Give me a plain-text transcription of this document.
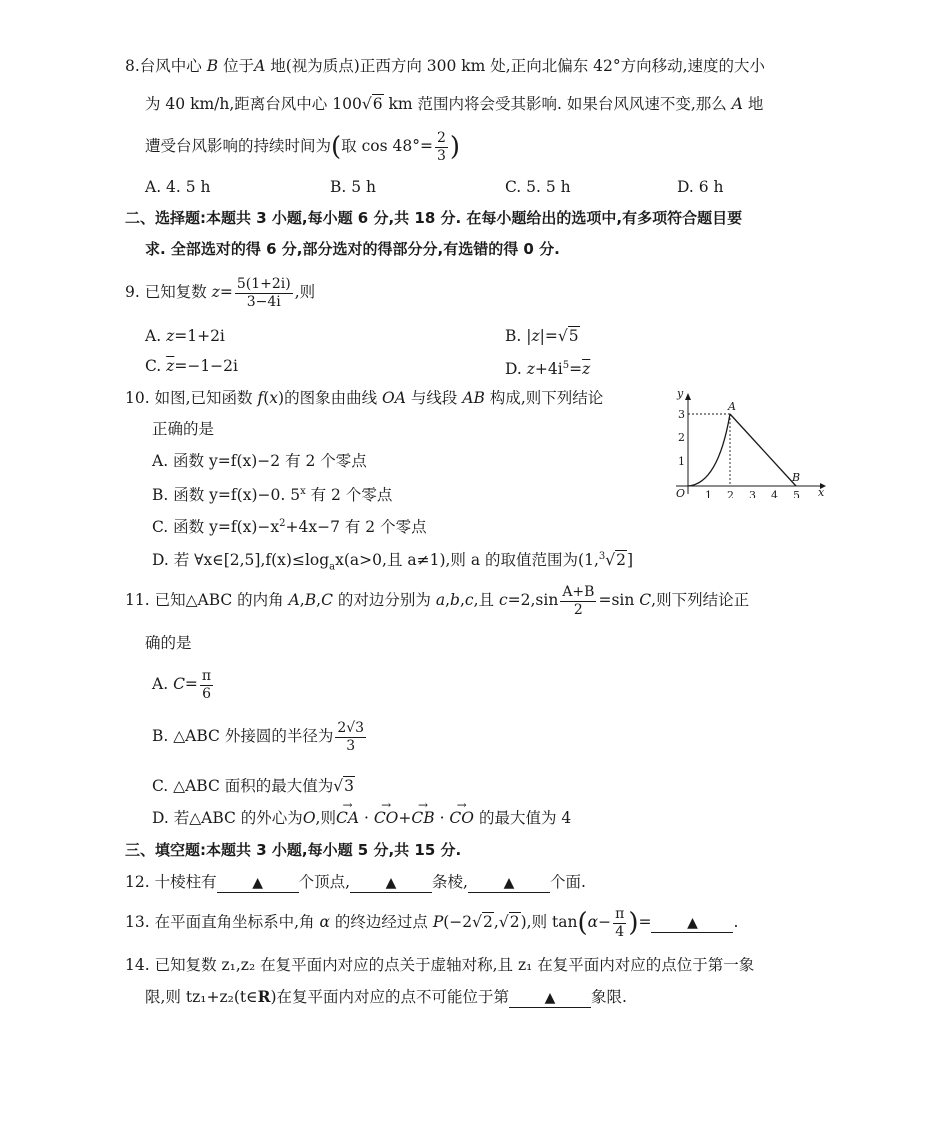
8.台风中心 B 位于A 地(视为质点)正西方向 300 km 处,正向北偏东 42°方向移动,速度的大小
为 40 km/h,距离台风中心 100√6 km 范围内将会受其影响. 如果台风风速不变,那么 A 地
遭受台风影响的持续时间为(取 $\cos 48^\circ= \frac{2}{3}$ )
A. 4. 5 h	B. 5 h	C. 5. 5 h	D. 6 h
二、选择题:本题共 3 小题,每小题 6 分,共 18 分. 在每小题给出的选项中,有多项符合题目要
求. 全部选对的得 6 分,部分选对的得部分分,有选错的得 0 分.
9. 已知复数 $z= \frac{5(1+2i)}{3-4i}$ ,则
A. z=1+2i	B. |z|=√5
C. $\overline{z}=-1-2i$	D. $z+4i^5=\overline{z}$
10. 如图,已知函数 f(x)的图象由曲线 OA 与线段 AB 构成,则下列结论
正确的是
A. 函数 y=f(x)−2 有 2 个零点
B. 函数 y=f(x)−0. 5$^x$ 有 2 个零点
C. 函数 $y=f(x)-x^2+4x-7$ 有 2 个零点
D. 若 $\forall x\in[2,5],f(x)\le\log_ax(a>0$,且 a≠1),则 a 的取值范围为(1,$^3$√2]
y
x
O 1 2 3 4 5
1
2
3
A
B
11. 已知△ABC 的内角 A,B,C 的对边分别为 a,b,c,且 $c=2,\sin \frac{A+B}{2} =\sin$ C,则下列结论正
确的是
A. $C= \frac{\pi}{6}$
B. △ABC 外接圆的半径为 $\frac{2√3}{3}$
C. △ABC 面积的最大值为√3
D. 若△ABC 的外心为O,则→ CA · → CO+→ CB · → CO 的最大值为 4
三、填空题:本题共 3 小题,每小题 5 分,共 15 分.
12. 十棱柱有	▲ 个顶点,	▲ 条棱,	▲ 个面.
13. 在平面直角坐标系中,角 α 的终边经过点 P(−2√2,√2),则 $\tan(\alpha- \frac{\pi}{4}$ )=	▲ .
14. 已知复数 z₁,z₂ 在复平面内对应的点关于虚轴对称,且 z₁ 在复平面内对应的点位于第一象
限,则 tz₁+z₂(t∈R)在复平面内对应的点不可能位于第	▲ 象限.
